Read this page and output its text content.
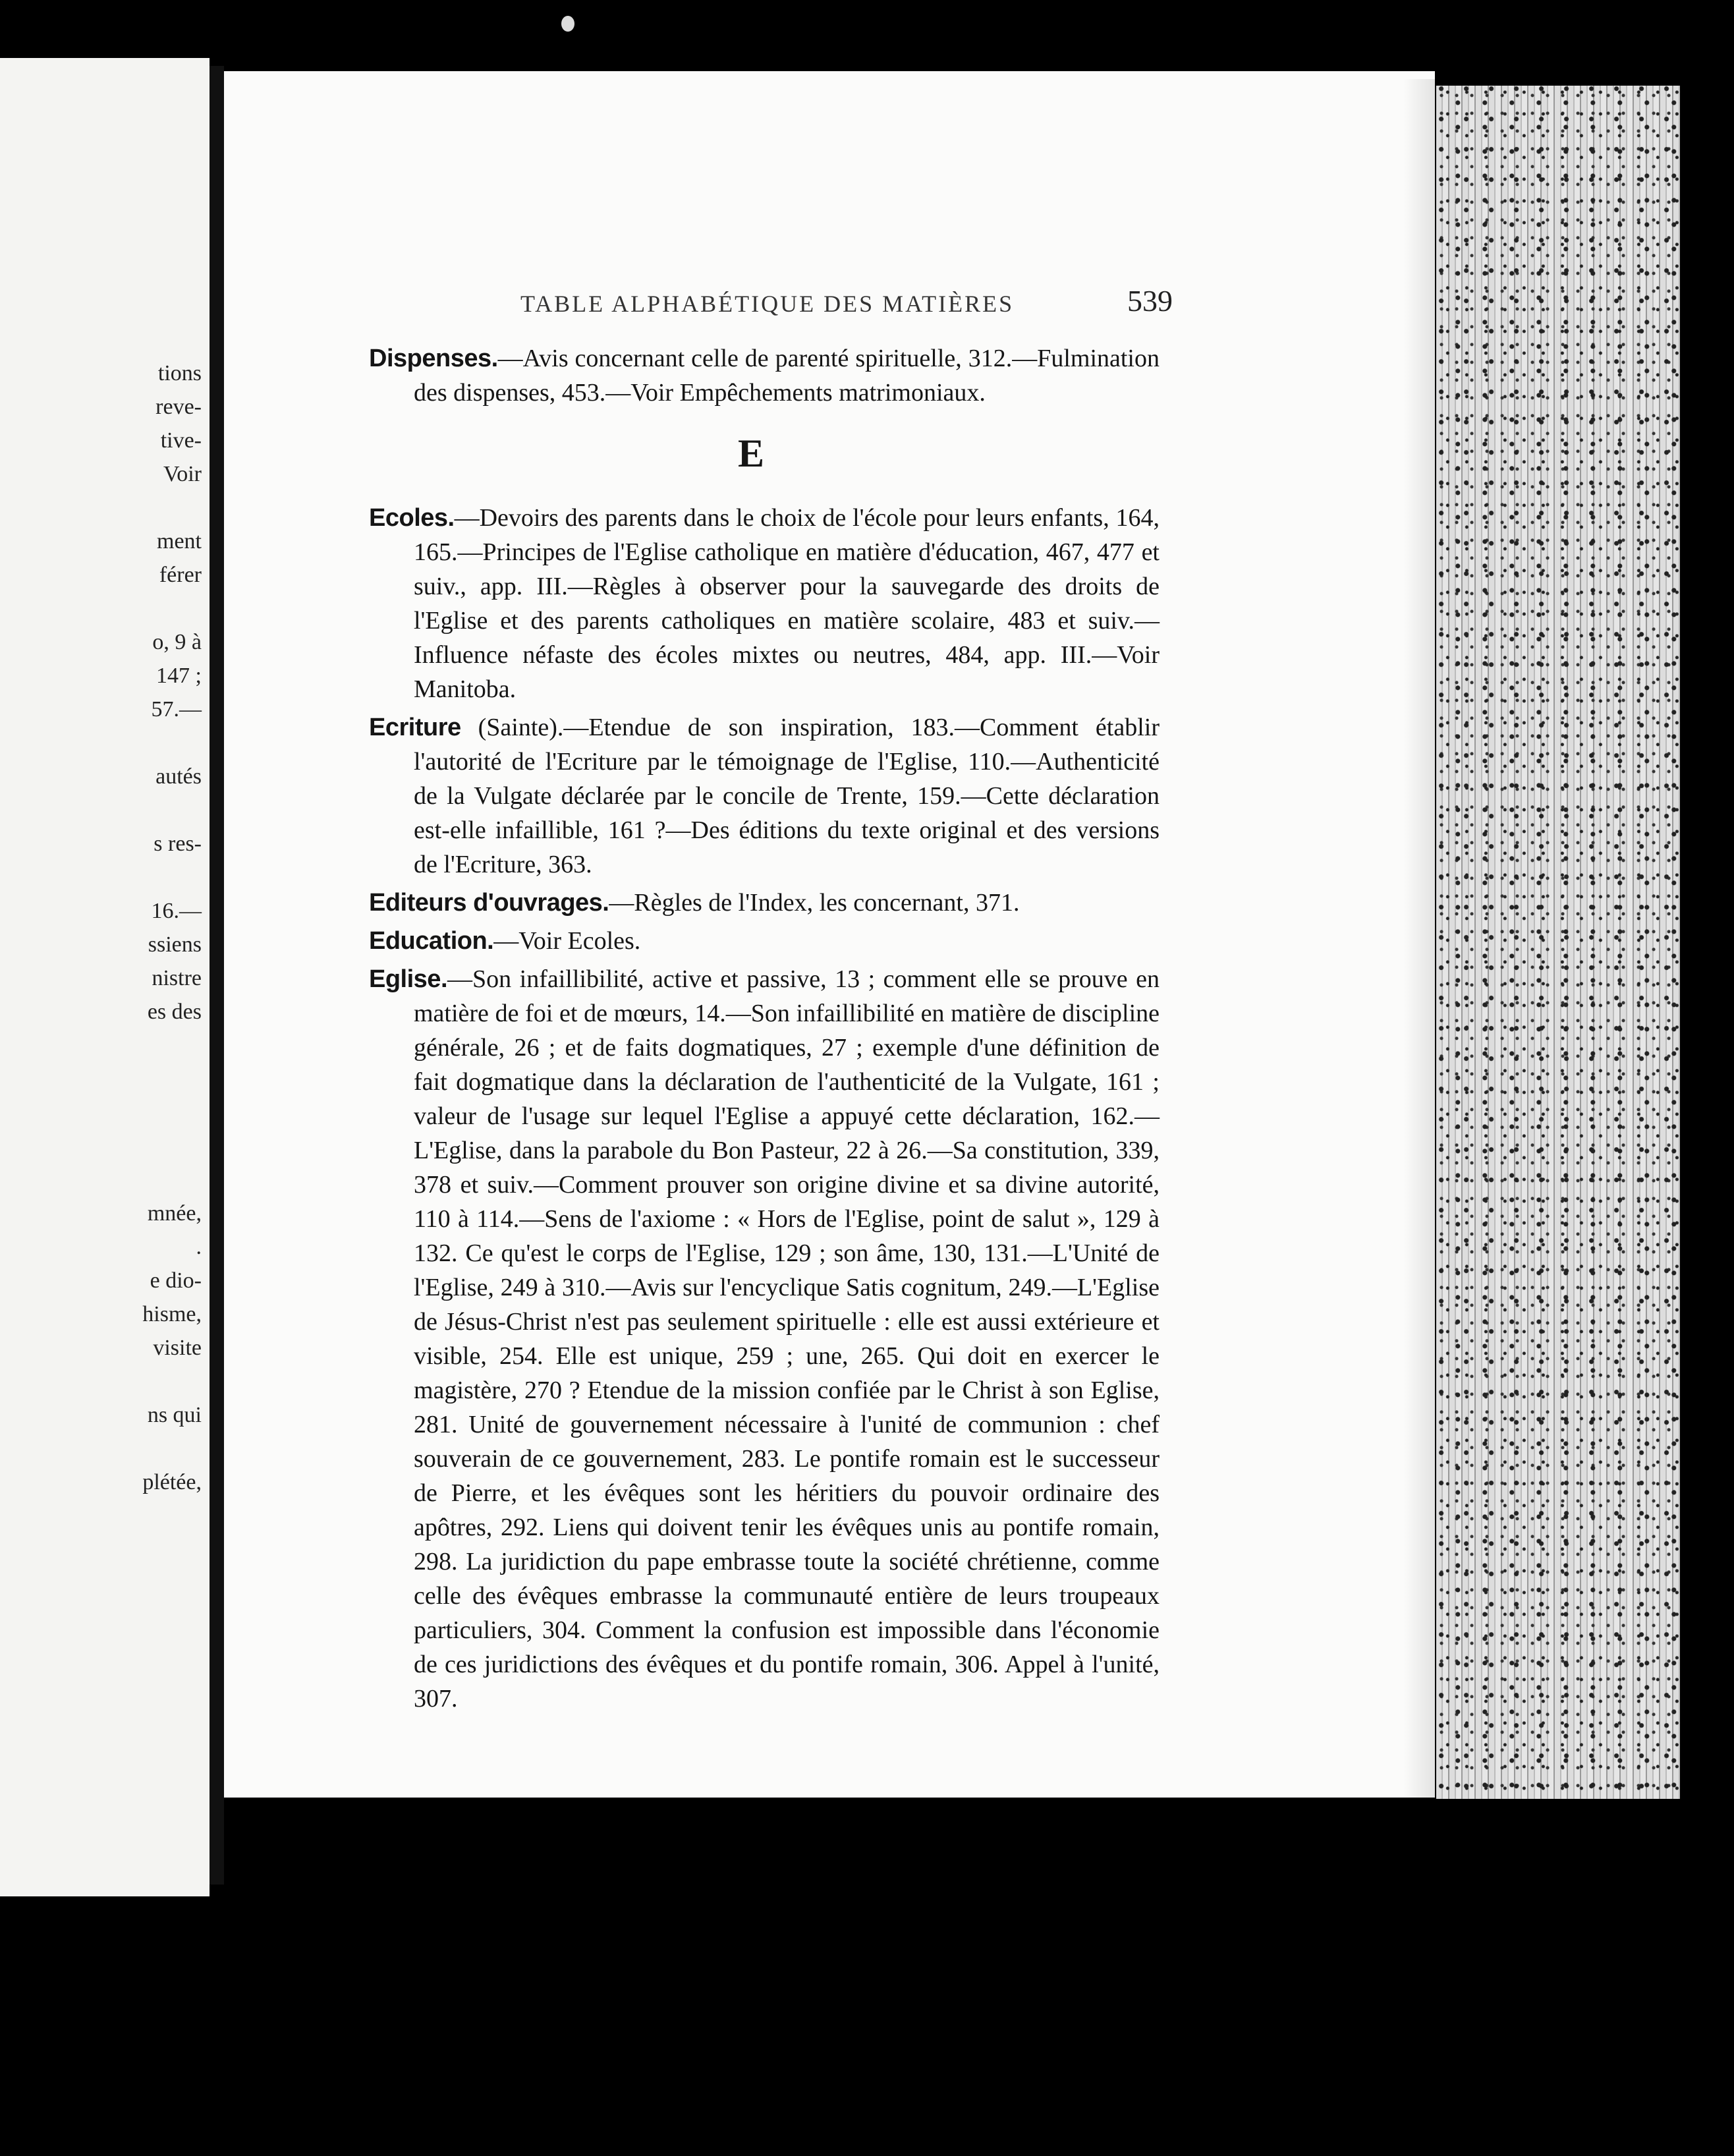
tions
reve-
tive-
Voir
ment
férer
o, 9 à
147 ;
57.—
autés
s res-
16.—
ssiens
nistre
es des
mnée,
.
e dio-
hisme,
visite
ns qui
plétée,
TABLE ALPHABÉTIQUE DES MATIÈRES	539

Dispenses.—Avis concernant celle de parenté spirituelle, 312.—Fulmination des dispenses, 453.—Voir Empêchements matrimoniaux.

E

Ecoles.—Devoirs des parents dans le choix de l'école pour leurs enfants, 164, 165.—Principes de l'Eglise catholique en matière d'éducation, 467, 477 et suiv., app. III.—Règles à observer pour la sauvegarde des droits de l'Eglise et des parents catholiques en matière scolaire, 483 et suiv.—Influence néfaste des écoles mixtes ou neutres, 484, app. III.—Voir Manitoba.

Ecriture (Sainte).—Etendue de son inspiration, 183.—Comment établir l'autorité de l'Ecriture par le témoignage de l'Eglise, 110.—Authenticité de la Vulgate déclarée par le concile de Trente, 159.—Cette déclaration est-elle infaillible, 161 ?—Des éditions du texte original et des versions de l'Ecriture, 363.

Editeurs d'ouvrages.—Règles de l'Index, les concernant, 371.

Education.—Voir Ecoles.

Eglise.—Son infaillibilité, active et passive, 13 ; comment elle se prouve en matière de foi et de mœurs, 14.—Son infaillibilité en matière de discipline générale, 26 ; et de faits dogmatiques, 27 ; exemple d'une définition de fait dogmatique dans la déclaration de l'authenticité de la Vulgate, 161 ; valeur de l'usage sur lequel l'Eglise a appuyé cette déclaration, 162.—L'Eglise, dans la parabole du Bon Pasteur, 22 à 26.—Sa constitution, 339, 378 et suiv.—Comment prouver son origine divine et sa divine autorité, 110 à 114.—Sens de l'axiome : « Hors de l'Eglise, point de salut », 129 à 132. Ce qu'est le corps de l'Eglise, 129 ; son âme, 130, 131.—L'Unité de l'Eglise, 249 à 310.—Avis sur l'encyclique Satis cognitum, 249.—L'Eglise de Jésus-Christ n'est pas seulement spirituelle : elle est aussi extérieure et visible, 254. Elle est unique, 259 ; une, 265. Qui doit en exercer le magistère, 270 ? Etendue de la mission confiée par le Christ à son Eglise, 281. Unité de gouvernement nécessaire à l'unité de communion : chef souverain de ce gouvernement, 283. Le pontife romain est le successeur de Pierre, et les évêques sont les héritiers du pouvoir ordinaire des apôtres, 292. Liens qui doivent tenir les évêques unis au pontife romain, 298. La juridiction du pape embrasse toute la société chrétienne, comme celle des évêques embrasse la communauté entière de leurs troupeaux particuliers, 304. Comment la confusion est impossible dans l'économie de ces juridictions des évêques et du pontife romain, 306. Appel à l'unité, 307.
